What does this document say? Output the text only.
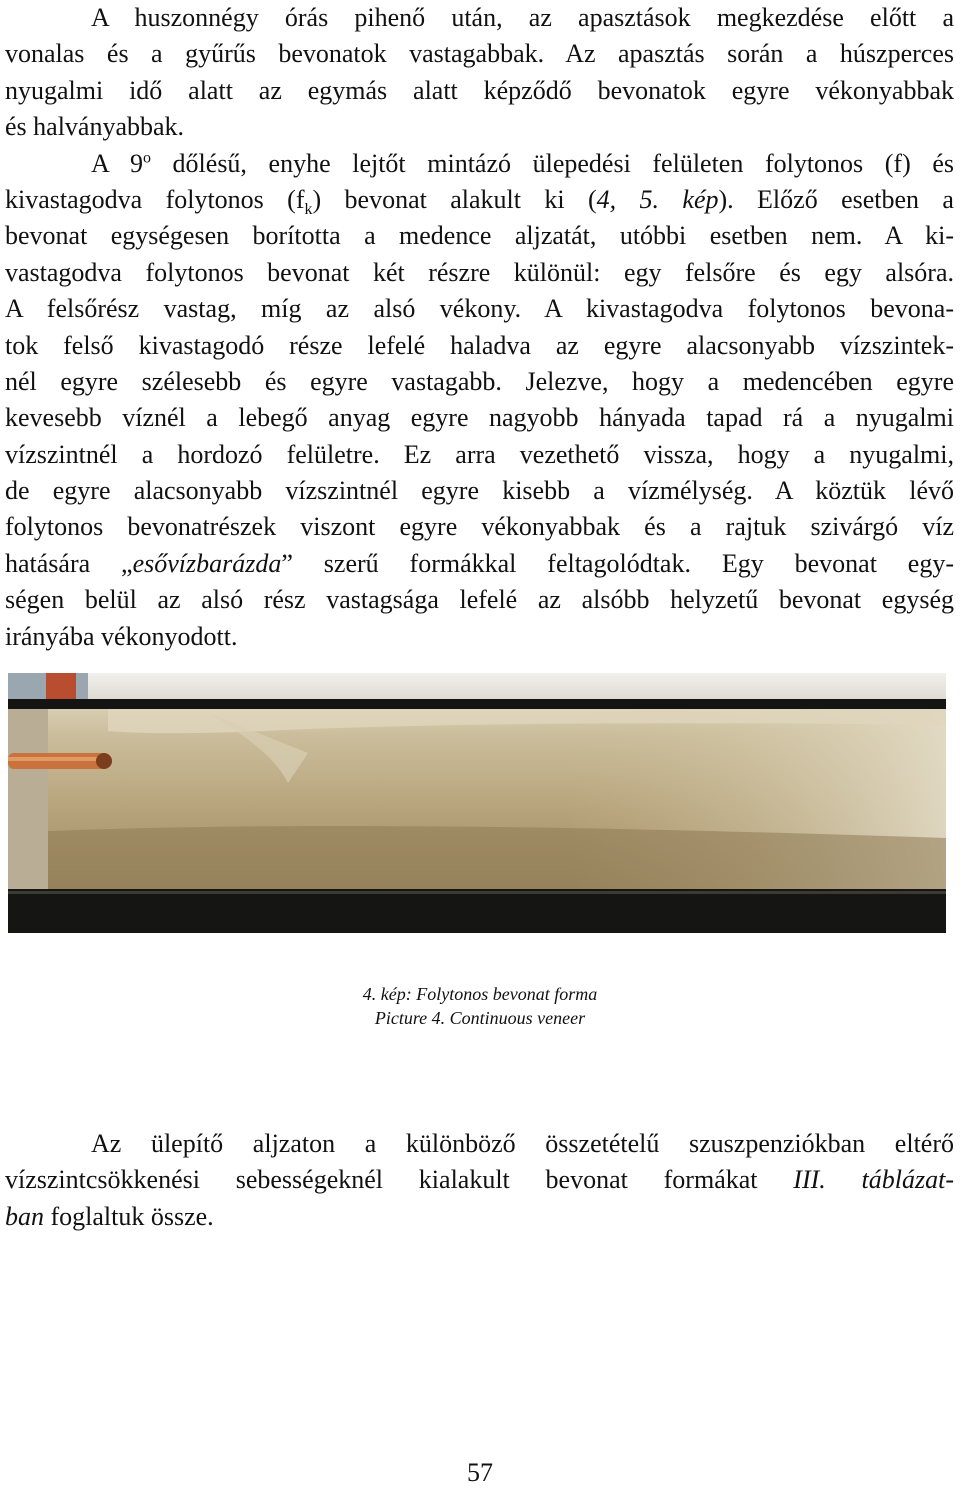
A huszonnégy órás pihenő után, az apasztások megkezdése előtt a
vonalas és a gyűrűs bevonatok vastagabbak. Az apasztás során a húszperces
nyugalmi idő alatt az egymás alatt képződő bevonatok egyre vékonyabbak
és halványabbak.
A 9$^o$ dőlésű, enyhe lejtőt mintázó ülepedési felületen folytonos (f) és
kivastagodva folytonos $(f_k)$ bevonat alakult ki (4, 5. kép). Előző esetben a
bevonat egységesen borította a medence aljzatát, utóbbi esetben nem. A ki-
vastagodva folytonos bevonat két részre különül: egy felsőre és egy alsóra.
A felsőrész vastag, míg az alsó vékony. A kivastagodva folytonos bevona-
tok felső kivastagodó része lefelé haladva az egyre alacsonyabb vízszintek-
nél egyre szélesebb és egyre vastagabb. Jelezve, hogy a medencében egyre
kevesebb víznél a lebegő anyag egyre nagyobb hányada tapad rá a nyugalmi
vízszintnél a hordozó felületre. Ez arra vezethető vissza, hogy a nyugalmi,
de egyre alacsonyabb vízszintnél egyre kisebb a vízmélység. A köztük lévő
folytonos bevonatrészek viszont egyre vékonyabbak és a rajtuk szivárgó víz
hatására „esővízbarázda” szerű formákkal feltagolódtak. Egy bevonat egy-
ségen belül az alsó rész vastagsága lefelé az alsóbb helyzetű bevonat egység
irányába vékonyodott.
4. kép: Folytonos bevonat forma
Picture 4. Continuous veneer
Az ülepítő aljzaton a különböző összetételű szuszpenziókban eltérő
vízszintcsökkenési sebességeknél kialakult bevonat formákat III. táblázat-
ban foglaltuk össze.
57
